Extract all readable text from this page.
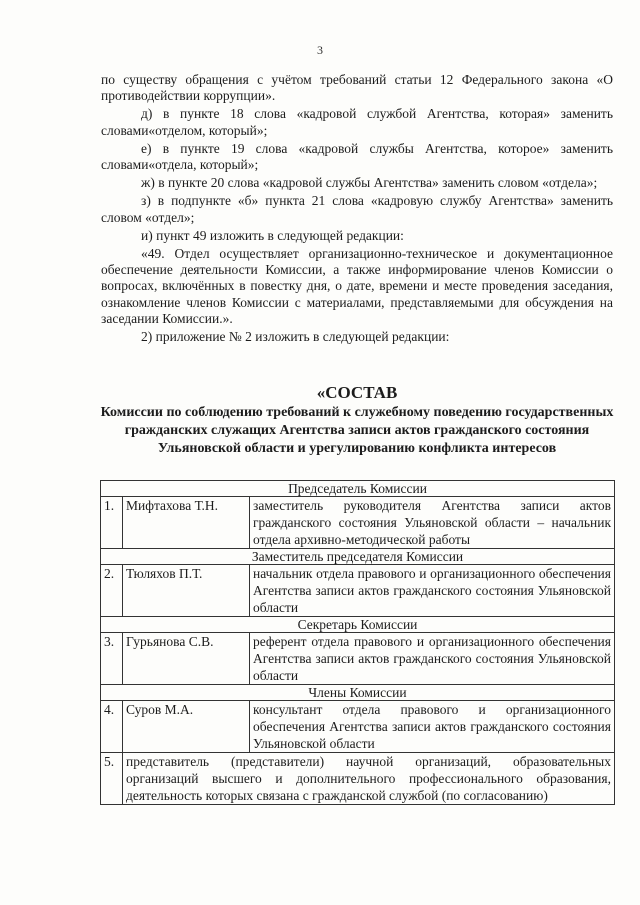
3

по существу обращения с учётом требований статьи 12 Федерального закона «О противодействии коррупции».

д) в пункте 18 слова «кадровой службой Агентства, которая» заменить словами«отделом, который»;

е) в пункте 19 слова «кадровой службы Агентства, которое» заменить словами«отдела, который»;

ж) в пункте 20 слова «кадровой службы Агентства» заменить словом «отдела»;

з) в подпункте «б» пункта 21 слова «кадровую службу Агентства» заменить словом «отдел»;

и) пункт 49 изложить в следующей редакции:

«49. Отдел осуществляет организационно-техническое и документационное обеспечение деятельности Комиссии, а также информирование членов Комиссии о вопросах, включённых в повестку дня, о дате, времени и месте проведения заседания, ознакомление членов Комиссии с материалами, представляемыми для обсуждения на заседании Комиссии.».

2) приложение № 2 изложить в следующей редакции:

«СОСТАВ
Комиссии по соблюдению требований к служебному поведению государственных гражданских служащих Агентства записи актов гражданского состояния Ульяновской области и урегулированию конфликта интересов
Председатель Комиссии		
1.	Мифтахова Т.Н.	заместитель руководителя Агентства записи актов гражданского состояния Ульяновской области – начальник отдела архивно-методической работы
Заместитель председателя Комиссии		
2.	Тюляхов П.Т.	начальник отдела правового и организационного обеспечения Агентства записи актов гражданского состояния Ульяновской области
Секретарь Комиссии		
3.	Гурьянова С.В.	референт отдела правового и организационного обеспечения Агентства записи актов гражданского состояния Ульяновской области
Члены Комиссии		
4.	Суров М.А.	консультант отдела правового и организационного обеспечения Агентства записи актов гражданского состояния Ульяновской области
5.	представитель (представители) научной организаций, образовательных организаций высшего и дополнительного профессионального образования, деятельность которых связана с гражданской службой (по согласованию)	
